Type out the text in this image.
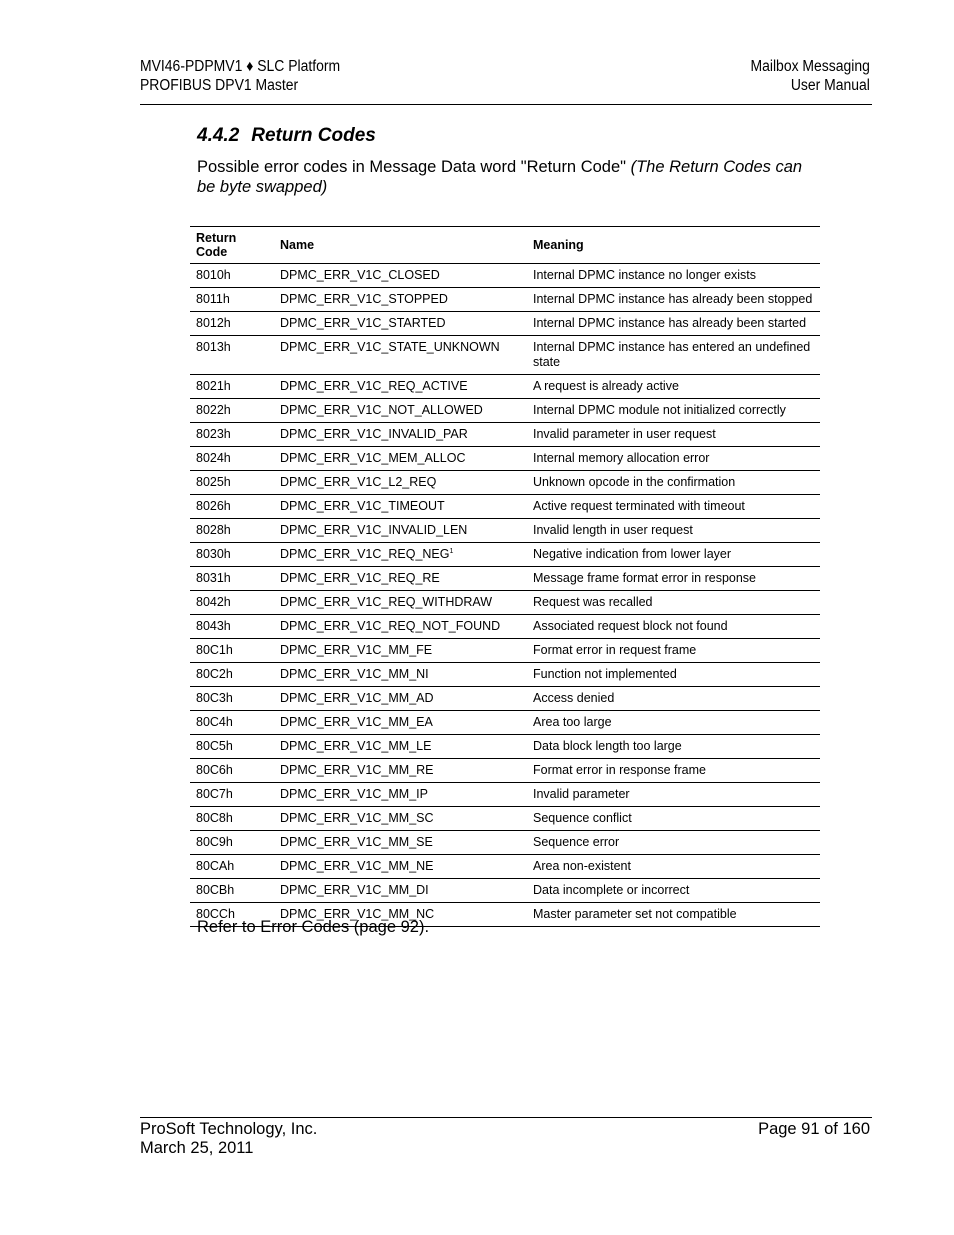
MVI46-PDPMV1 ♦ SLC Platform	Mailbox Messaging
PROFIBUS DPV1 Master	User Manual
4.4.2 Return Codes
Possible error codes in Message Data word "Return Code" (The Return Codes can be byte swapped)
Return Code	Name	Meaning
8010h	DPMC_ERR_V1C_CLOSED	Internal DPMC instance no longer exists
8011h	DPMC_ERR_V1C_STOPPED	Internal DPMC instance has already been stopped
8012h	DPMC_ERR_V1C_STARTED	Internal DPMC instance has already been started
8013h	DPMC_ERR_V1C_STATE_UNKNOWN	Internal DPMC instance has entered an undefined state
8021h	DPMC_ERR_V1C_REQ_ACTIVE	A request is already active
8022h	DPMC_ERR_V1C_NOT_ALLOWED	Internal DPMC module not initialized correctly
8023h	DPMC_ERR_V1C_INVALID_PAR	Invalid parameter in user request
8024h	DPMC_ERR_V1C_MEM_ALLOC	Internal memory allocation error
8025h	DPMC_ERR_V1C_L2_REQ	Unknown opcode in the confirmation
8026h	DPMC_ERR_V1C_TIMEOUT	Active request terminated with timeout
8028h	DPMC_ERR_V1C_INVALID_LEN	Invalid length in user request
8030h	DPMC_ERR_V1C_REQ_NEG$^1$	Negative indication from lower layer
8031h	DPMC_ERR_V1C_REQ_RE	Message frame format error in response
8042h	DPMC_ERR_V1C_REQ_WITHDRAW	Request was recalled
8043h	DPMC_ERR_V1C_REQ_NOT_FOUND	Associated request block not found
80C1h	DPMC_ERR_V1C_MM_FE	Format error in request frame
80C2h	DPMC_ERR_V1C_MM_NI	Function not implemented
80C3h	DPMC_ERR_V1C_MM_AD	Access denied
80C4h	DPMC_ERR_V1C_MM_EA	Area too large
80C5h	DPMC_ERR_V1C_MM_LE	Data block length too large
80C6h	DPMC_ERR_V1C_MM_RE	Format error in response frame
80C7h	DPMC_ERR_V1C_MM_IP	Invalid parameter
80C8h	DPMC_ERR_V1C_MM_SC	Sequence conflict
80C9h	DPMC_ERR_V1C_MM_SE	Sequence error
80CAh	DPMC_ERR_V1C_MM_NE	Area non-existent
80CBh	DPMC_ERR_V1C_MM_DI	Data incomplete or incorrect
80CCh	DPMC_ERR_V1C_MM_NC	Master parameter set not compatible
Refer to Error Codes (page 92).
ProSoft Technology, Inc.	Page 91 of 160
March 25, 2011
